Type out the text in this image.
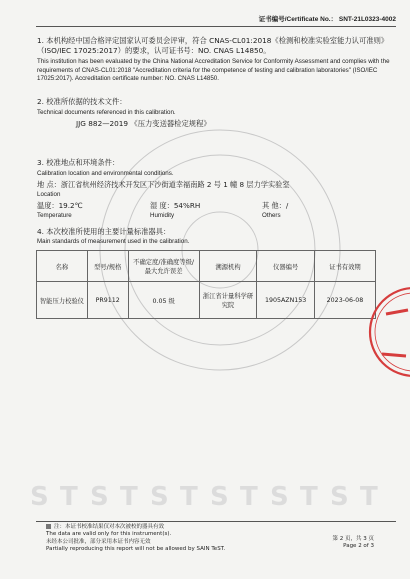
S T S T S T S T S T S T
证书编号/Certificate No.： SNT-21L0323-4002
1. 本机构经中国合格评定国家认可委员会评审，符合 CNAS-CL01:2018《检测和校准实验室能力认可准则》（ISO/IEC 17025:2017）的要求，认可证书号：NO. CNAS L14850。
This institution has been evaluated by the China National Accreditation Service for Conformity Assessment and complies with the requirements of CNAS-CL01:2018 "Accreditation criteria for the competence of testing and calibration laboratories" (ISO/IEC 17025:2017). Accreditation certificate number: NO. CNAS L14850.
2. 校准所依据的技术文件：
Technical documents referenced in this calibration.
JJG 882—2019 《压力变送器检定规程》
3. 校准地点和环境条件：
Calibration location and environmental conditions.
地 点：浙江省杭州经济技术开发区下沙街道幸福南路 2 号 1 幢 8 层力学实验室
Location
温度：19.2℃	湿 度：54%RH	其 他：/
Temperature	Humidity	Others
4. 本次校准所使用的主要计量标准器具：
Main standards of measurement used in the calibration.
名称	型号/规格	不确定度/准确度等级/最大允许误差	溯源机构	仪器编号	证书有效期
智能压力校验仪	PR9112	0.05 级	浙江省计量科学研究院	1905AZN153	2023-06-08
注：本证书校准结果仅对本次被校的器具有效
The data are valid only for this instrument(s).
未经本公司批准，部分采用本证书内容无效
Partially reproducing this report will not be allowed by SAIN TeST.
第 2 页，共 3 页
Page 2 of 3
